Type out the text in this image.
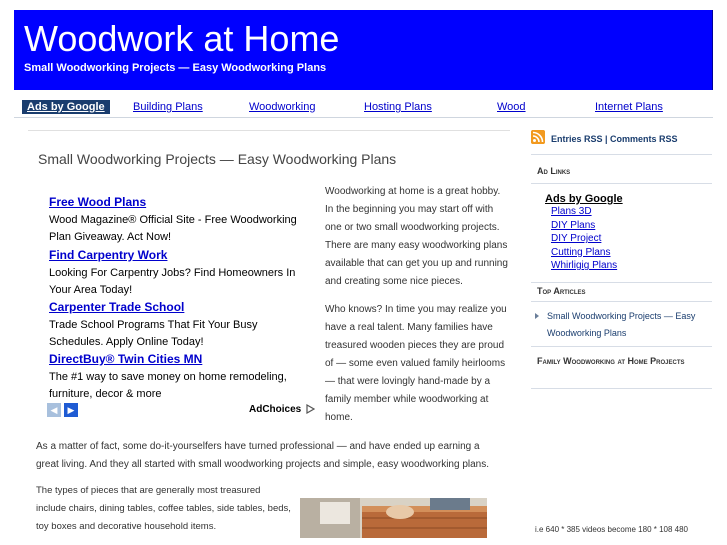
Woodwork at Home
Small Woodworking Projects — Easy Woodworking Plans
Ads by Google	Building Plans	Woodworking	Hosting Plans	Wood	Internet Plans
Small Woodworking Projects — Easy Woodworking Plans
Free Wood Plans
Wood Magazine® Official Site - Free Woodworking Plan Giveaway. Act Now!
Find Carpentry Work
Looking For Carpentry Jobs? Find Homeowners In Your Area Today!
Carpenter Trade School
Trade School Programs That Fit Your Busy Schedules. Apply Online Today!
DirectBuy® Twin Cities MN
The #1 way to save money on home remodeling, furniture, decor & more
◀	▶	AdChoices

Woodworking at home is a great hobby. In the beginning you may start off with one or two small woodworking projects. There are many easy woodworking plans available that can get you up and running and creating some nice pieces.

Who knows? In time you may realize you have a real talent. Many families have treasured wooden pieces they are proud of — some even valued family heirlooms — that were lovingly hand-made by a family member while woodworking at home.

As a matter of fact, some do-it-yourselfers have turned professional — and have ended up earning a great living. And they all started with small woodworking projects and simple, easy woodworking plans.
The types of pieces that are generally most treasured include chairs, dining tables, coffee tables, side tables, beds, toy boxes and decorative household items.
Entries RSS | Comments RSS
Ad Links
Ads by Google
Plans 3D
DIY Plans
DIY Project
Cutting Plans
Whirligig Plans
Top Articles
Small Woodworking Projects — Easy Woodworking Plans
Family Woodworking at Home Projects
i.e 640 * 385 videos become 180 * 108 480
